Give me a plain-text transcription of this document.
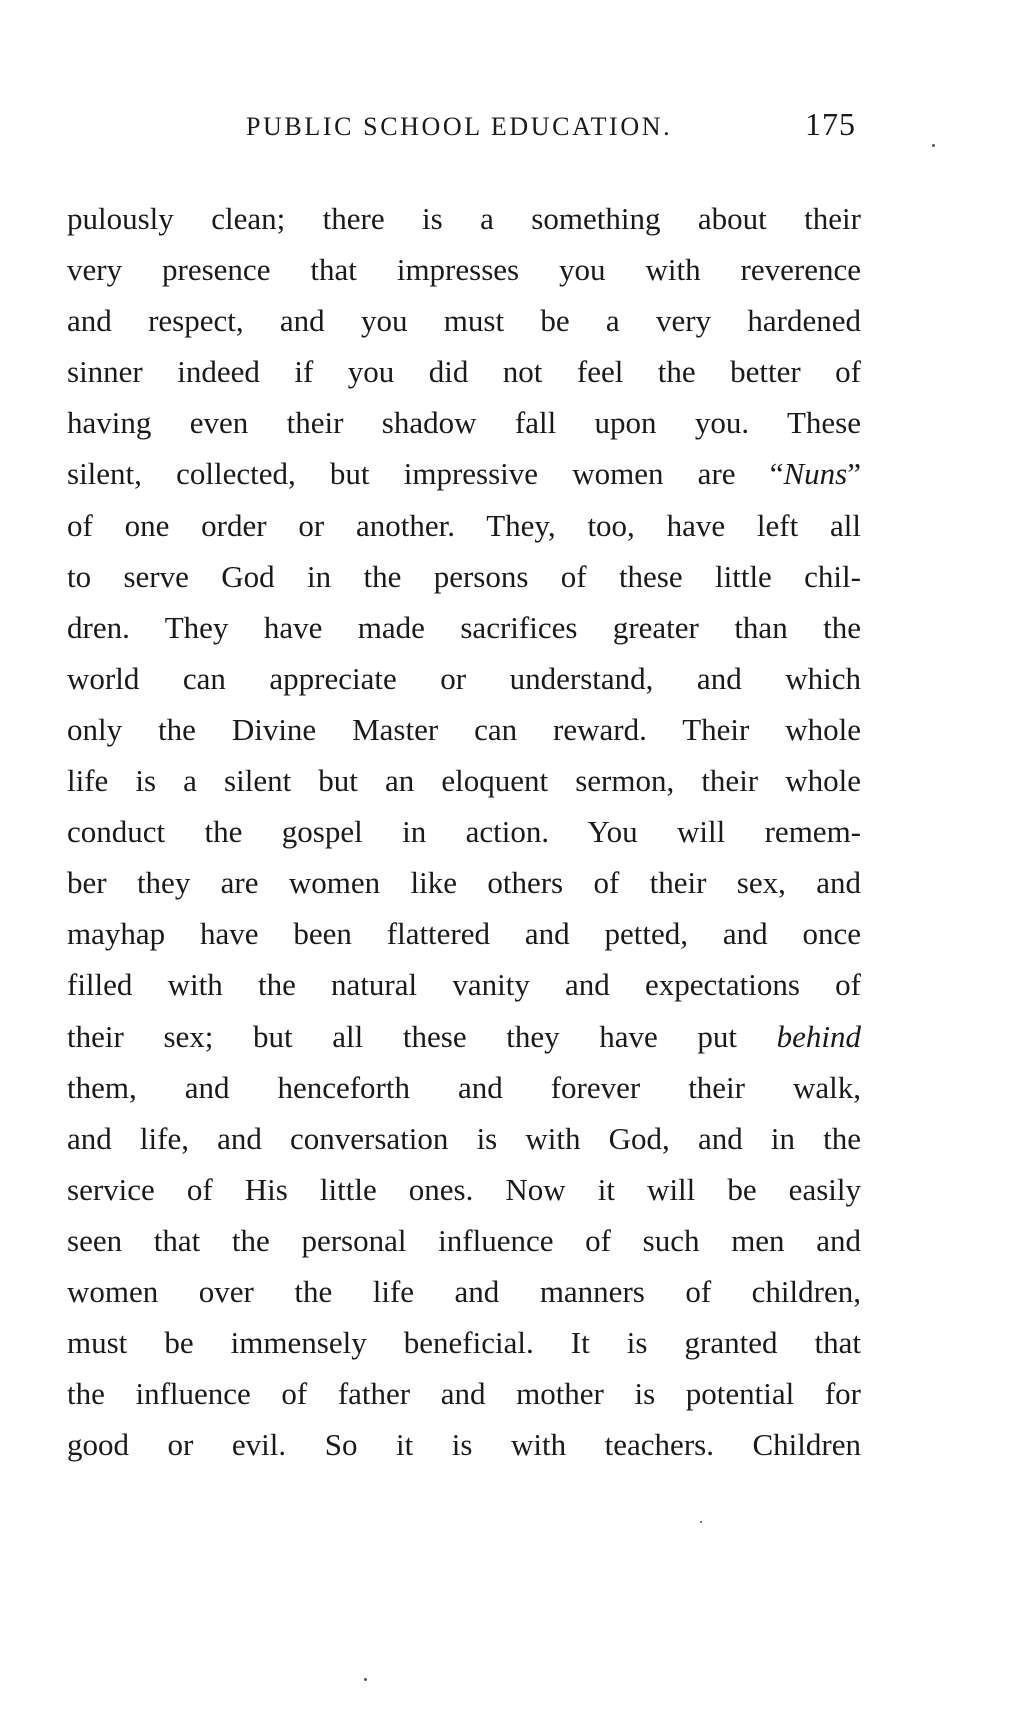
PUBLIC SCHOOL EDUCATION.	175
pulously clean; there is a something about their
very presence that impresses you with reverence
and respect, and you must be a very hardened
sinner indeed if you did not feel the better of
having even their shadow fall upon you. These
silent, collected, but impressive women are “Nuns”
of one order or another. They, too, have left all
to serve God in the persons of these little chil-
dren. They have made sacrifices greater than the
world can appreciate or understand, and which
only the Divine Master can reward. Their whole
life is a silent but an eloquent sermon, their whole
conduct the gospel in action. You will remem-
ber they are women like others of their sex, and
mayhap have been flattered and petted, and once
filled with the natural vanity and expectations of
their sex; but all these they have put behind
them, and henceforth and forever their walk,
and life, and conversation is with God, and in the
service of His little ones. Now it will be easily
seen that the personal influence of such men and
women over the life and manners of children,
must be immensely beneficial. It is granted that
the influence of father and mother is potential for
good or evil. So it is with teachers. Children
